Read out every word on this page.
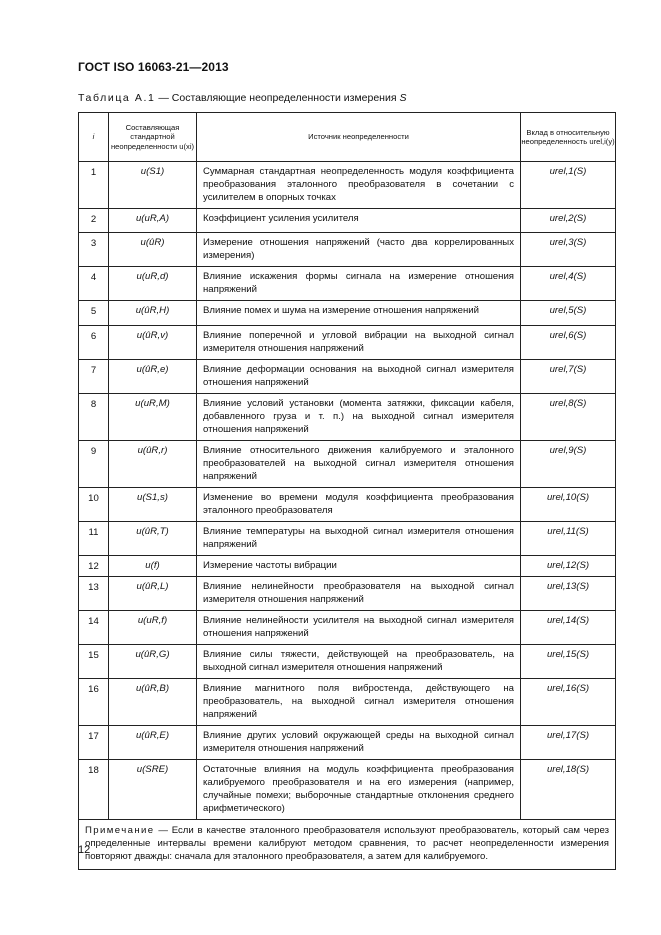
ГОСТ ISO 16063-21—2013
Таблица А.1 — Составляющие неопределенности измерения S
i	Составляющая стандартной неопределенности u(xi)	Источник неопределенности	Вклад в относительную неопределенность urel,i(y)
1	u(S1)	Суммарная стандартная неопределенность модуля коэффициента преобразования эталонного преобразователя в сочетании с усилителем в опорных точках	urel,1(S)
2	u(uR,A)	Коэффициент усиления усилителя	urel,2(S)
3	u(ûR)	Измерение отношения напряжений (часто два коррелированных измерения)	urel,3(S)
4	u(uR,d)	Влияние искажения формы сигнала на измерение отношения напряжений	urel,4(S)
5	u(ûR,H)	Влияние помех и шума на измерение отношения напряжений	urel,5(S)
6	u(ûR,v)	Влияние поперечной и угловой вибрации на выходной сигнал измерителя отношения напряжений	urel,6(S)
7	u(ûR,e)	Влияние деформации основания на выходной сигнал измерителя отношения напряжений	urel,7(S)
8	u(uR,M)	Влияние условий установки (момента затяжки, фиксации кабеля, добавленного груза и т. п.) на выходной сигнал измерителя отношения напряжений	urel,8(S)
9	u(ûR,r)	Влияние относительного движения калибруемого и эталонного преобразователей на выходной сигнал измерителя отношения напряжений	urel,9(S)
10	u(S1,s)	Изменение во времени модуля коэффициента преобразования эталонного преобразователя	urel,10(S)
11	u(ûR,T)	Влияние температуры на выходной сигнал измерителя отношения напряжений	urel,11(S)
12	u(f)	Измерение частоты вибрации	urel,12(S)
13	u(ûR,L)	Влияние нелинейности преобразователя на выходной сигнал измерителя отношения напряжений	urel,13(S)
14	u(uR,f)	Влияние нелинейности усилителя на выходной сигнал измерителя отношения напряжений	urel,14(S)
15	u(ûR,G)	Влияние силы тяжести, действующей на преобразователь, на выходной сигнал измерителя отношения напряжений	urel,15(S)
16	u(ûR,B)	Влияние магнитного поля вибростенда, действующего на преобразователь, на выходной сигнал измерителя отношения напряжений	urel,16(S)
17	u(ûR,E)	Влияние других условий окружающей среды на выходной сигнал измерителя отношения напряжений	urel,17(S)
18	u(SRE)	Остаточные влияния на модуль коэффициента преобразования калибруемого преобразователя и на его измерения (например, случайные помехи; выборочные стандартные отклонения среднего арифметического)	urel,18(S)
Примечание — Если в качестве эталонного преобразователя используют преобразователь, который сам через определенные интервалы времени калибруют методом сравнения, то расчет неопределенности измерения повторяют дважды: сначала для эталонного преобразователя, а затем для калибруемого.			
12
